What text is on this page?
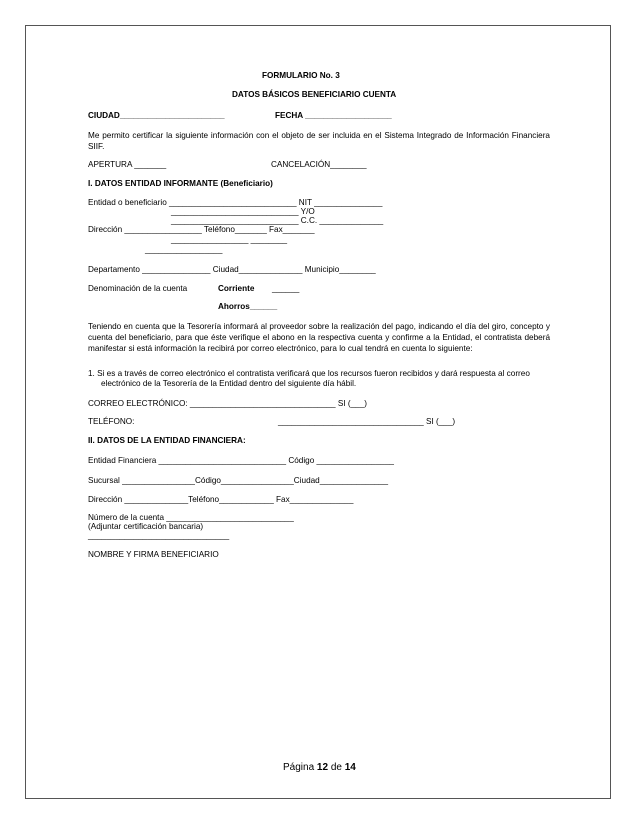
FORMULARIO No. 3
DATOS BÁSICOS BENEFICIARIO CUENTA
CIUDAD_______________________	FECHA ___________________
Me permito certificar la siguiente información con el objeto de ser incluida en el Sistema Integrado de Información Financiera SIIF.
APERTURA _______	CANCELACIÓN________
I. DATOS ENTIDAD INFORMANTE (Beneficiario)
Entidad o beneficiario ____________________________ NIT _______________
____________________________ Y/O
____________________________ C.C. ______________
Dirección _________________ Teléfono_______ Fax_______
_________________ ________
_________________
Departamento _______________ Ciudad______________ Municipio________
Denominación de la cuenta	Corriente ______
Ahorros______
Teniendo en cuenta que la Tesorería informará al proveedor sobre la realización del pago, indicando el día del giro, concepto y cuenta del beneficiario, para que éste verifique el abono en la respectiva cuenta y confirme a la Entidad, el contratista deberá manifestar si está información la recibirá por correo electrónico, para lo cual tendrá en cuenta lo siguiente:
1. Si es a través de correo electrónico el contratista verificará que los recursos fueron recibidos y dará respuesta al correo
electrónico de la Tesorería de la Entidad dentro del siguiente día hábil.
CORREO ELECTRÓNICO: ________________________________ SI (___)
TELÉFONO:	________________________________ SI (___)
II. DATOS DE LA ENTIDAD FINANCIERA:
Entidad Financiera ____________________________ Código _________________
Sucursal ________________Código________________Ciudad_______________
Dirección ______________Teléfono____________ Fax______________
Número de la cuenta ____________________________
(Adjuntar certificación bancaria)
_______________________________
NOMBRE Y FIRMA BENEFICIARIO
Página 12 de 14
